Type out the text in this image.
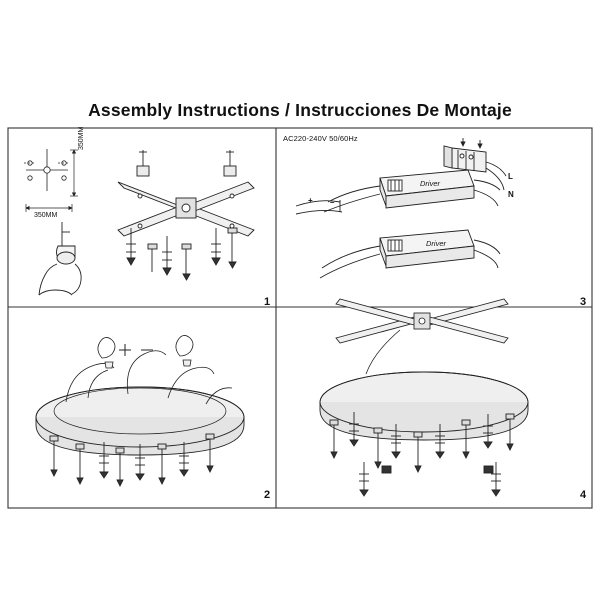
Assembly Instructions / Instrucciones De Montaje
350MM
350MM
AC220-240V 50/60Hz
+ –
L
N
Driver
Driver
1
2
3
4
